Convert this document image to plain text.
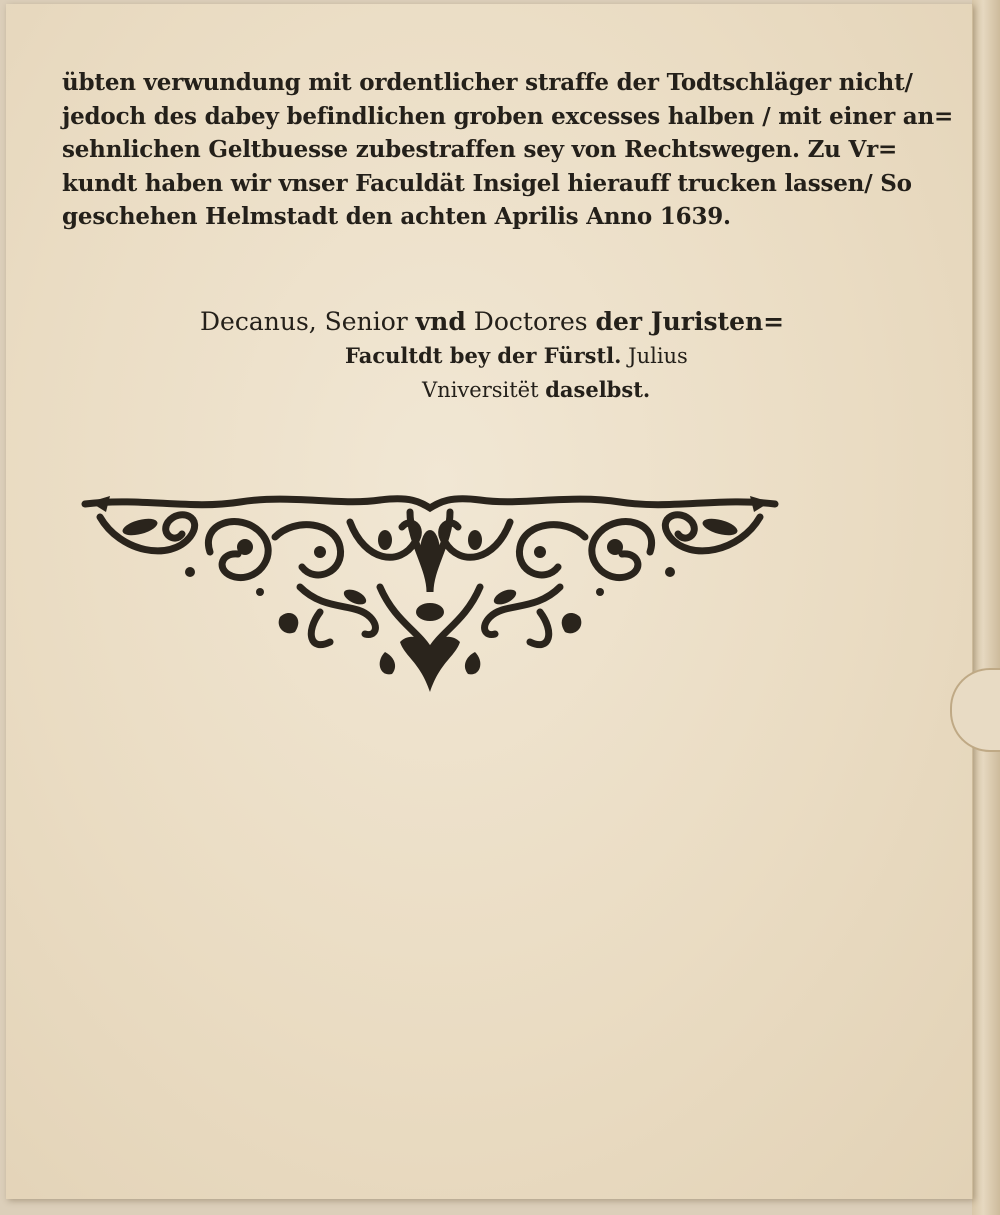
übten verwundung mit ordentlicher straffe der Todtschläger nicht/
jedoch des dabey befindlichen groben excesses halben / mit einer an=
sehnlichen Geltbuesse zubestraffen sey von Rechtswegen. Zu Vr=
kundt haben wir vnser Faculdät Insigel hierauff trucken lassen/ So
geschehen Helmstadt den achten Aprilis Anno 1639.

Decanus, Senior vnd Doctores der Juristen=
Facultdt bey der Fürstl. Julius
Vniversitët daselbst.
